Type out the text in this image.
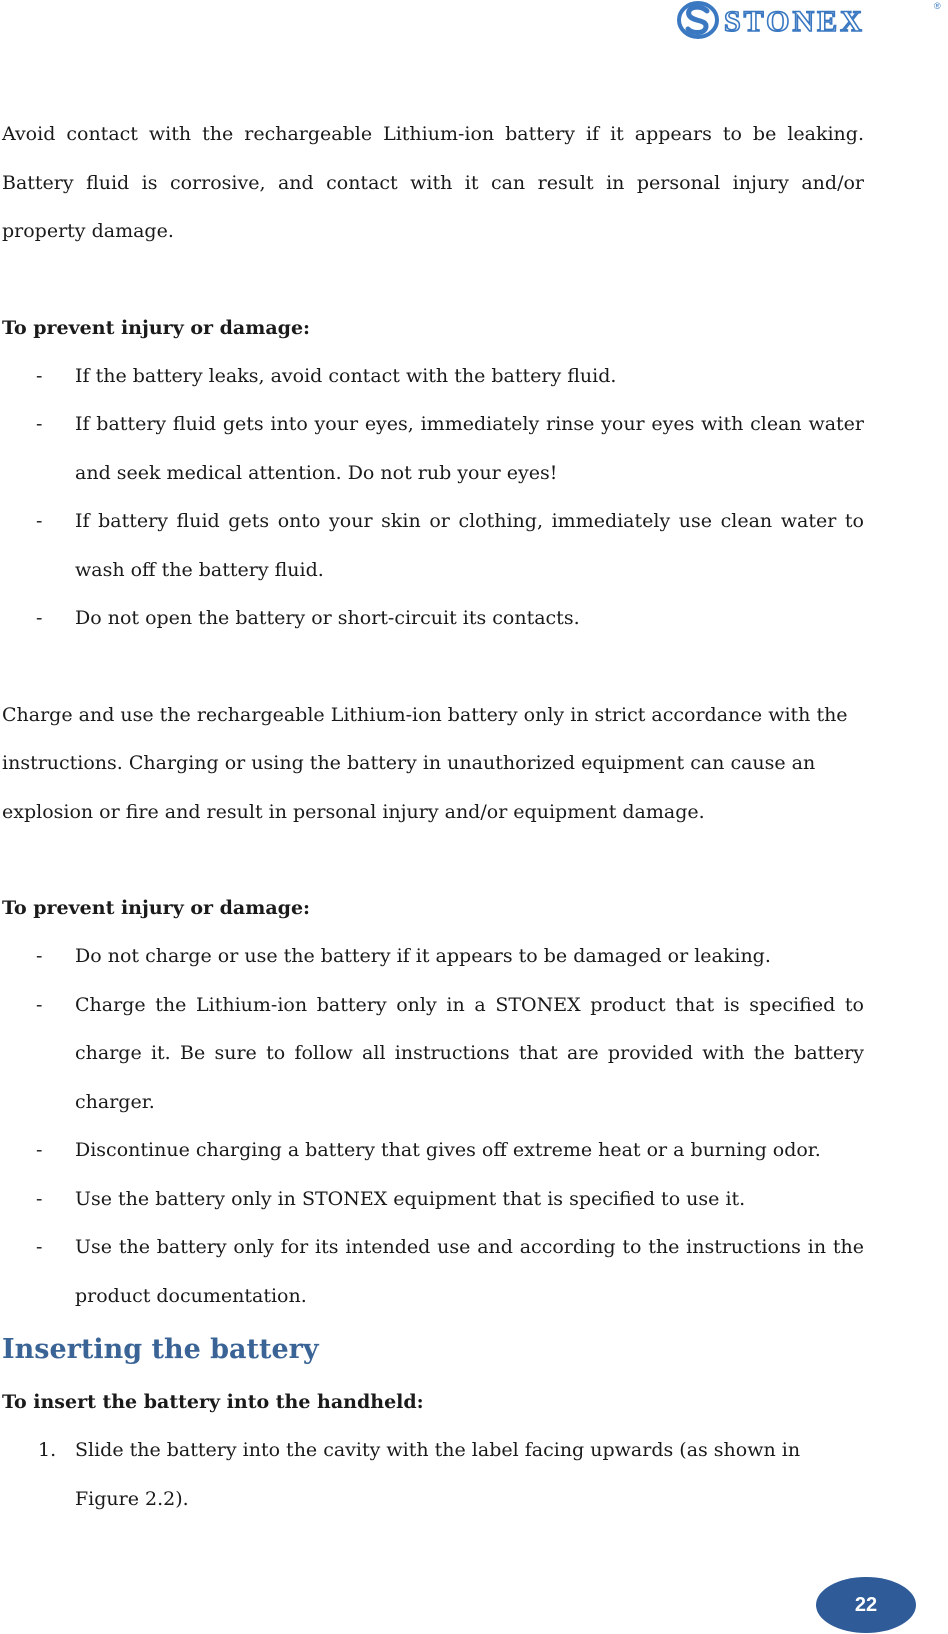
STONEX	®

Avoid contact with the rechargeable Lithium-ion battery if it appears to be leaking. Battery fluid is corrosive, and contact with it can result in personal injury and/or property damage.

To prevent injury or damage:

- If the battery leaks, avoid contact with the battery fluid.
- If battery fluid gets into your eyes, immediately rinse your eyes with clean water and seek medical attention. Do not rub your eyes!
- If battery fluid gets onto your skin or clothing, immediately use clean water to wash off the battery fluid.
- Do not open the battery or short-circuit its contacts.

Charge and use the rechargeable Lithium-ion battery only in strict accordance with the instructions. Charging or using the battery in unauthorized equipment can cause an explosion or fire and result in personal injury and/or equipment damage.

To prevent injury or damage:

- Do not charge or use the battery if it appears to be damaged or leaking.
- Charge the Lithium-ion battery only in a STONEX product that is specified to charge it. Be sure to follow all instructions that are provided with the battery charger.
- Discontinue charging a battery that gives off extreme heat or a burning odor.
- Use the battery only in STONEX equipment that is specified to use it.
- Use the battery only for its intended use and according to the instructions in the product documentation.
Inserting the battery

To insert the battery into the handheld:

1. Slide the battery into the cavity with the label facing upwards (as shown in Figure 2.2).
22
